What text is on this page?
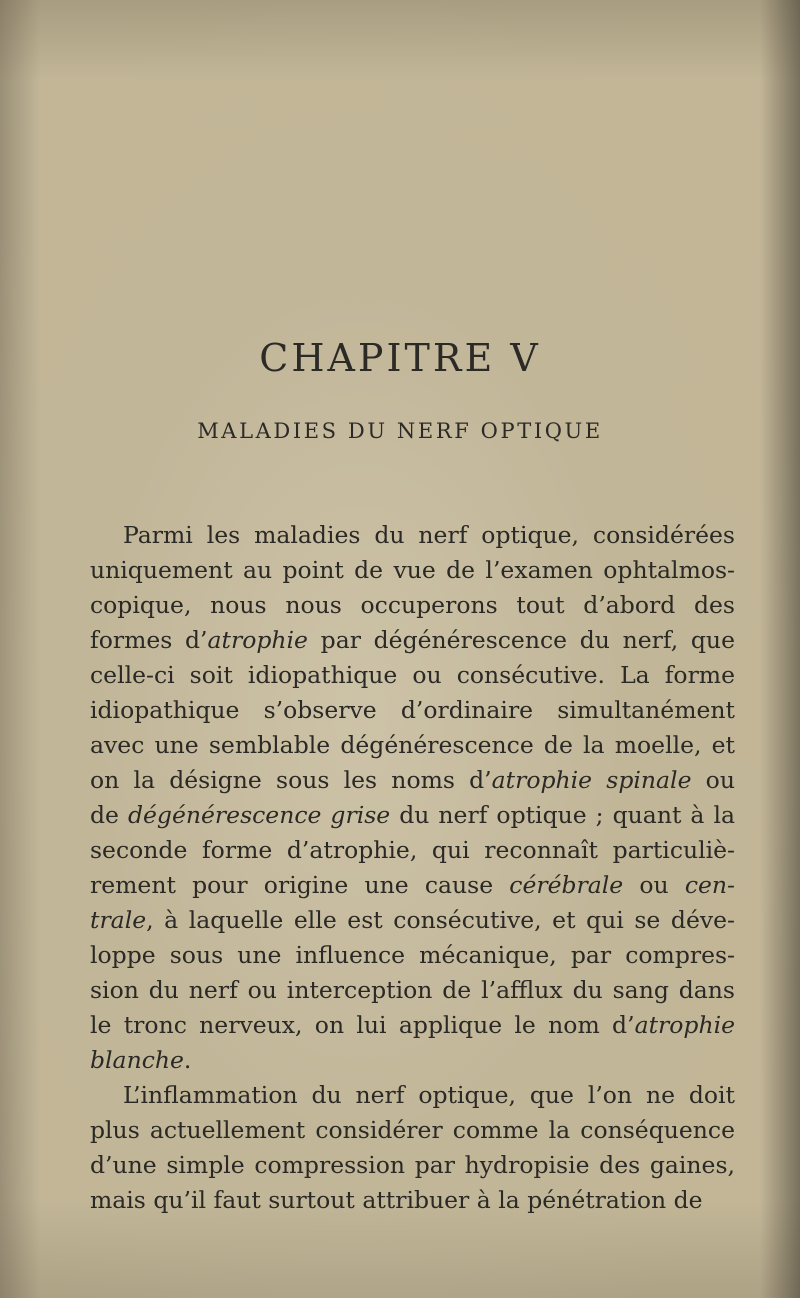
CHAPITRE V
MALADIES DU NERF OPTIQUE
Parmi les maladies du nerf optique, considérées
uniquement au point de vue de l’examen ophtalmos-
copique, nous nous occuperons tout d’abord des
formes d’atrophie par dégénérescence du nerf, que
celle-ci soit idiopathique ou consécutive. La forme
idiopathique s’observe d’ordinaire simultanément
avec une semblable dégénérescence de la moelle, et
on la désigne sous les noms d’atrophie spinale ou
de dégénérescence grise du nerf optique ; quant à la
seconde forme d’atrophie, qui reconnaît particuliè-
rement pour origine une cause cérébrale ou cen-
trale, à laquelle elle est consécutive, et qui se déve-
loppe sous une influence mécanique, par compres-
sion du nerf ou interception de l’afflux du sang dans
le tronc nerveux, on lui applique le nom d’atrophie
blanche.
L’inflammation du nerf optique, que l’on ne doit
plus actuellement considérer comme la conséquence
d’une simple compression par hydropisie des gaines,
mais qu’il faut surtout attribuer à la pénétration de
